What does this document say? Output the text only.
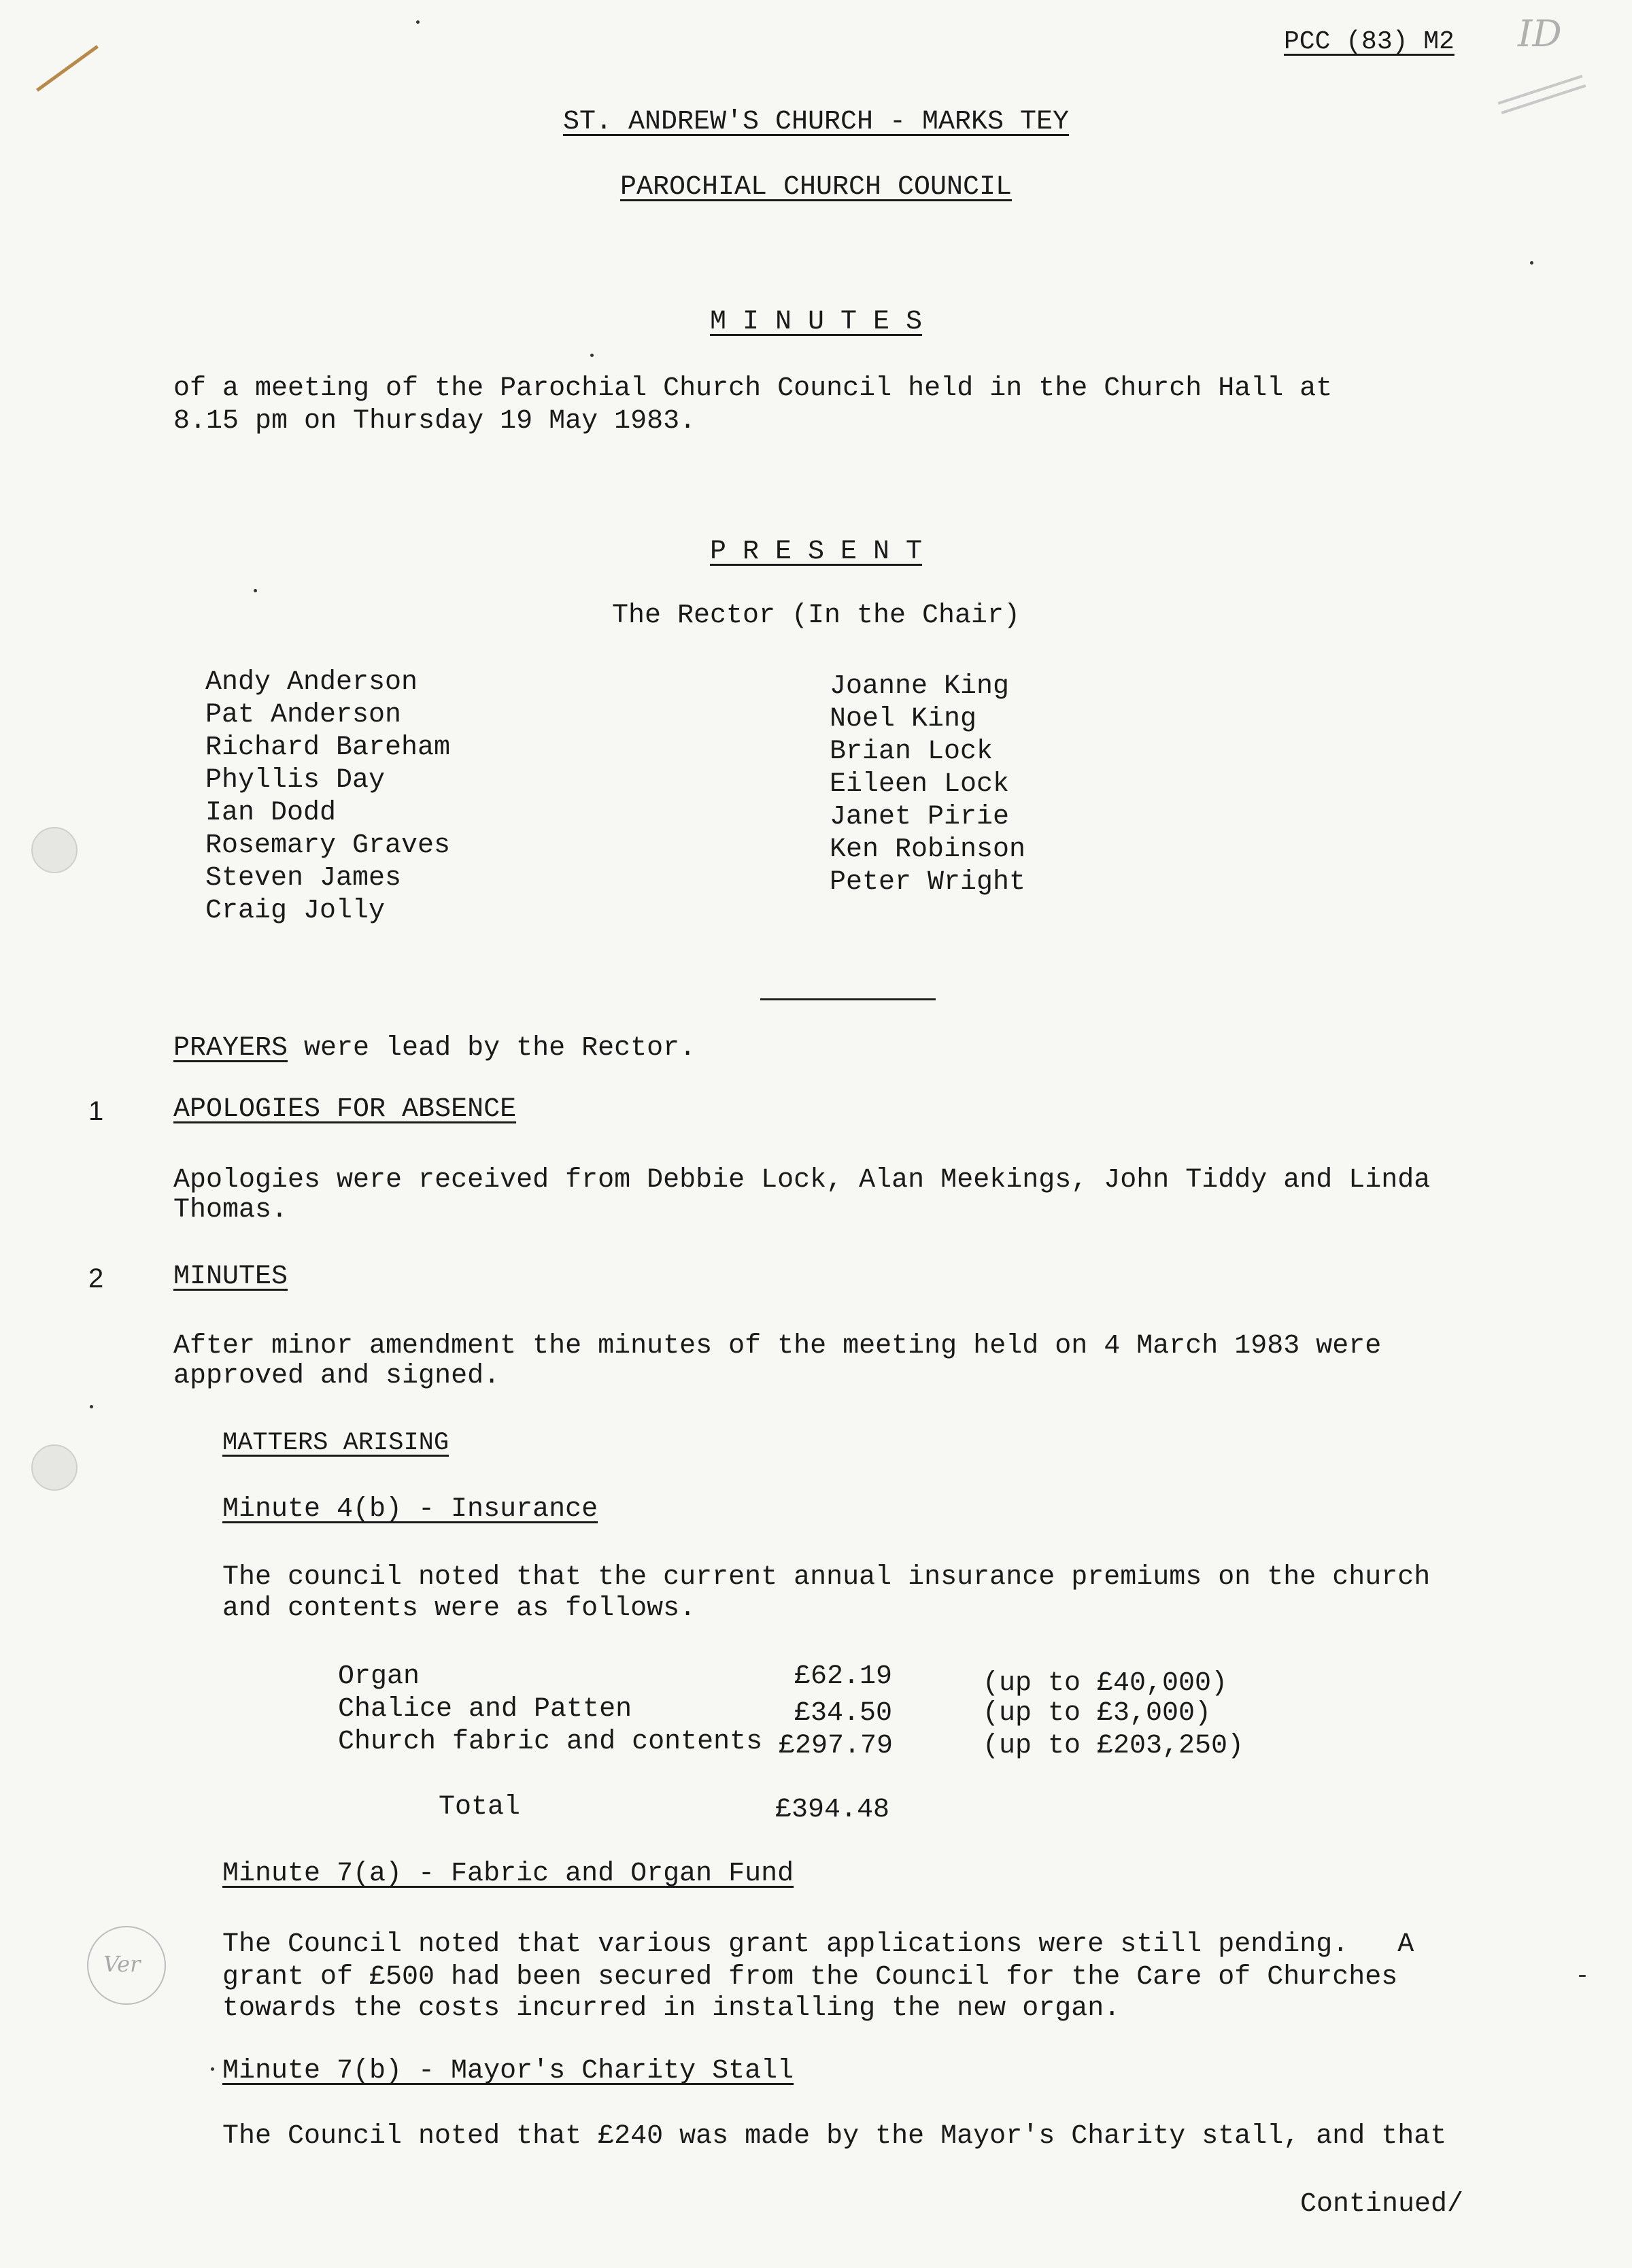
PCC (83) M2 ID
ST. ANDREW'S CHURCH - MARKS TEY
PAROCHIAL CHURCH COUNCIL
M I N U T E S
of a meeting of the Parochial Church Council held in the Church Hall at
8.15 pm on Thursday 19 May 1983.
P R E S E N T
The Rector (In the Chair)
Andy Anderson
Pat Anderson
Richard Bareham
Phyllis Day
Ian Dodd
Rosemary Graves
Steven James
Craig Jolly
Joanne King
Noel King
Brian Lock
Eileen Lock
Janet Pirie
Ken Robinson
Peter Wright
PRAYERS were lead by the Rector.
1	APOLOGIES FOR ABSENCE
Apologies were received from Debbie Lock, Alan Meekings, John Tiddy and Linda
Thomas.
2	MINUTES
After minor amendment the minutes of the meeting held on 4 March 1983 were
approved and signed.
MATTERS ARISING
Minute 4(b) - Insurance
The council noted that the current annual insurance premiums on the church
and contents were as follows.
Organ	£62.19	(up to £40,000)
Chalice and Patten	£34.50	(up to £3,000)
Church fabric and contents £297.79	(up to £203,250)
Total	£394.48
Minute 7(a) - Fabric and Organ Fund
The Council noted that various grant applications were still pending.   A
grant of £500 had been secured from the Council for the Care of Churches
towards the costs incurred in installing the new organ.
Minute 7(b) - Mayor's Charity Stall
The Council noted that £240 was made by the Mayor's Charity stall, and that
Continued/
Ver
